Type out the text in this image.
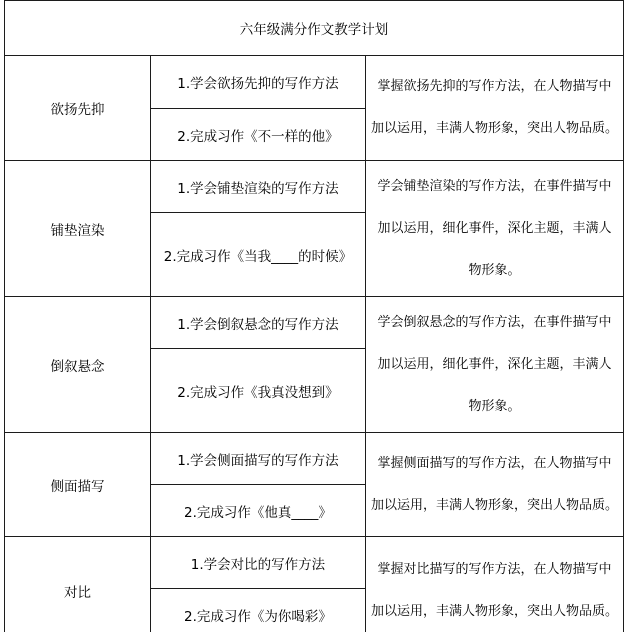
六年级满分作文教学计划
欲扬先抑
1.学会欲扬先抑的写作方法
2.完成习作《不一样的他》
掌握欲扬先抑的写作方法，在人物描写中
加以运用，丰满人物形象，突出人物品质。
铺垫渲染
1.学会铺垫渲染的写作方法
2.完成习作《当我____的时候》
学会铺垫渲染的写作方法，在事件描写中
加以运用，细化事件，深化主题，丰满人
物形象。
倒叙悬念
1.学会倒叙悬念的写作方法
2.完成习作《我真没想到》
学会倒叙悬念的写作方法，在事件描写中
加以运用，细化事件，深化主题，丰满人
物形象。
侧面描写
1.学会侧面描写的写作方法
2.完成习作《他真____》
掌握侧面描写的写作方法，在人物描写中
加以运用，丰满人物形象，突出人物品质。
对比
1.学会对比的写作方法
2.完成习作《为你喝彩》
掌握对比描写的写作方法，在人物描写中
加以运用，丰满人物形象，突出人物品质。
